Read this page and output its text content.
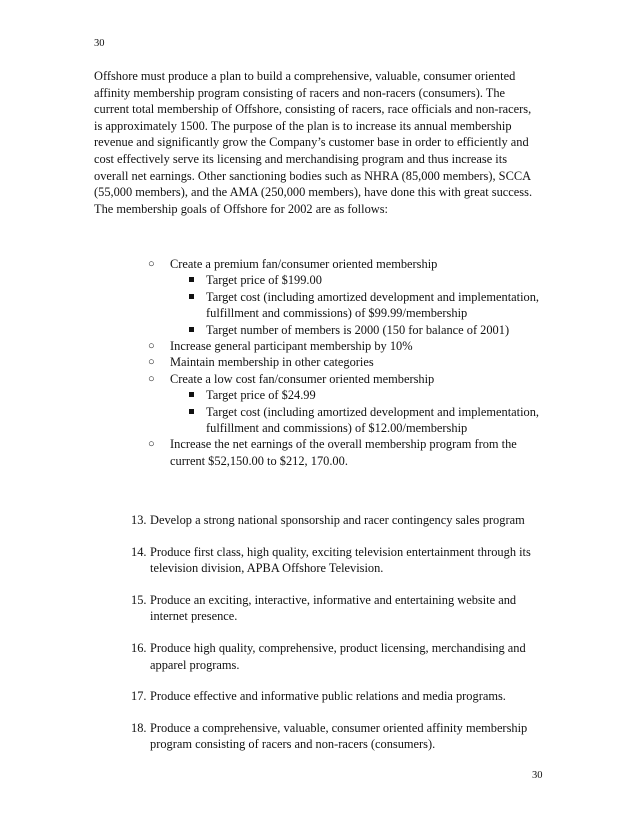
30

Offshore must produce a plan to build a comprehensive, valuable, consumer oriented affinity membership program consisting of racers and non-racers (consumers). The current total membership of Offshore, consisting of racers, race officials and non-racers, is approximately 1500. The purpose of the plan is to increase its annual membership revenue and significantly grow the Company’s customer base in order to efficiently and cost effectively serve its licensing and merchandising program and thus increase its overall net earnings. Other sanctioning bodies such as NHRA (85,000 members), SCCA (55,000 members), and the AMA (250,000 members), have done this with great success. The membership goals of Offshore for 2002 are as follows:

○ Create a premium fan/consumer oriented membership
Target price of $199.00
Target cost (including amortized development and implementation, fulfillment and commissions) of $99.99/membership
Target number of members is 2000 (150 for balance of 2001)
○ Increase general participant membership by 10%
○ Maintain membership in other categories
○ Create a low cost fan/consumer oriented membership
Target price of $24.99
Target cost (including amortized development and implementation, fulfillment and commissions) of $12.00/membership
○ Increase the net earnings of the overall membership program from the current $52,150.00 to $212, 170.00.
13. Develop a strong national sponsorship and racer contingency sales program
14. Produce first class, high quality, exciting television entertainment through its television division, APBA Offshore Television.
15. Produce an exciting, interactive, informative and entertaining website and internet presence.
16. Produce high quality, comprehensive, product licensing, merchandising and apparel programs.
17. Produce effective and informative public relations and media programs.
18. Produce a comprehensive, valuable, consumer oriented affinity membership program consisting of racers and non-racers (consumers).
30
